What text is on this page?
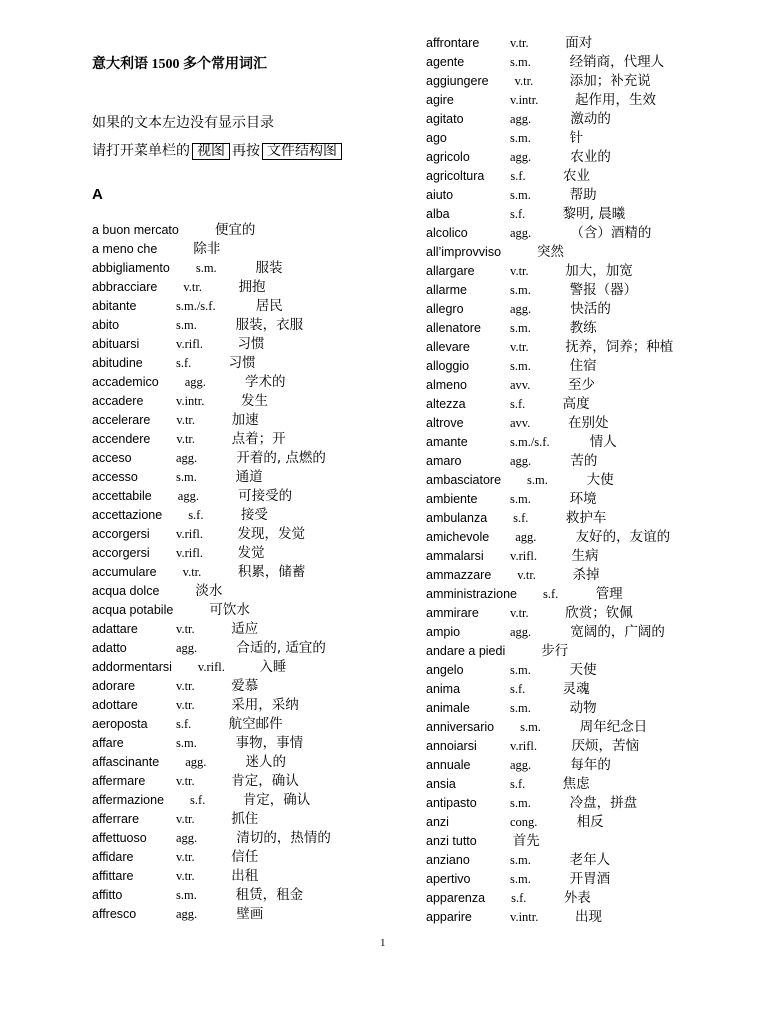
意大利语 1500 多个常用词汇
如果的文本左边没有显示目录
请打开菜单栏的 视图 再按 文件结构图
A
a buon mercato	便宜的
a meno che	除非
abbigliamento s.m.	服装
abbracciare v.tr.	拥抱
abitante	s.m./s.f.	居民
abito	s.m.	服装，衣服
abituarsi	v.rifl.	习惯
abitudine	s.f.	习惯
accademico agg.	学术的
accadere	v.intr.	发生
accelerare v.tr.	加速
accendere v.tr.	点着；开
acceso	agg.	开着的, 点燃的
accesso	s.m.	通道
accettabile agg.	可接受的
accettazione s.f.	接受
accorgersi v.rifl.	发现，发觉
accorgersi v.rifl.	发觉
accumulare v.tr.	积累，储蓄
acqua dolce	淡水
acqua potabile	可饮水
adattare	v.tr.	适应
adatto	agg.	合适的, 适宜的
addormentarsi v.rifl.	入睡
adorare	v.tr.	爱慕
adottare	v.tr.	采用，采纳
aeroposta s.f.	航空邮件
affare	s.m.	事物，事情
affascinante agg.	迷人的
affermare v.tr.	肯定，确认
affermazione s.f.	肯定，确认
afferrare	v.tr.	抓住
affettuoso agg.	清切的，热情的
affidare	v.tr.	信任
affittare	v.tr.	出租
affitto	s.m.	租赁，租金
affresco	agg.	壁画
affrontare v.tr.	面对
agente	s.m.	经销商，代理人
aggiungere v.tr.	添加；补充说
agire	v.intr.	起作用，生效
agitato	agg.	激动的
ago	s.m.	针
agricolo	agg.	农业的
agricoltura s.f.	农业
aiuto	s.m.	帮助
alba	s.f.	黎明, 晨曦
alcolico	agg.	（含）酒精的
all’improvviso	突然
allargare	v.tr.	加大，加宽
allarme	s.m.	警报（器）
allegro	agg.	快活的
allenatore s.m.	教练
allevare	v.tr.	抚养，饲养；种植
alloggio	s.m.	住宿
almeno	avv.	至少
altezza	s.f.	高度
altrove	avv.	在别处
amante	s.m./s.f.	情人
amaro	agg.	苦的
ambasciatore s.m.	大使
ambiente	s.m.	环境
ambulanza s.f.	救护车
amichevole agg.	友好的，友谊的
ammalarsi v.rifl.	生病
ammazzare v.tr.	杀掉
amministrazione s.f.	管理
ammirare v.tr.	欣赏；钦佩
ampio	agg.	宽阔的，广阔的
andare a piedi	步行
angelo	s.m.	天使
anima	s.f.	灵魂
animale	s.m.	动物
anniversario s.m.	周年纪念日
annoiarsi	v.rifl.	厌烦，苦恼
annuale	agg.	每年的
ansia	s.f.	焦虑
antipasto	s.m.	冷盘，拼盘
anzi	cong.	相反
anzi tutto	首先
anziano	s.m.	老年人
apertivo	s.m.	开胃酒
apparenza s.f.	外表
apparire	v.intr.	出现
1
